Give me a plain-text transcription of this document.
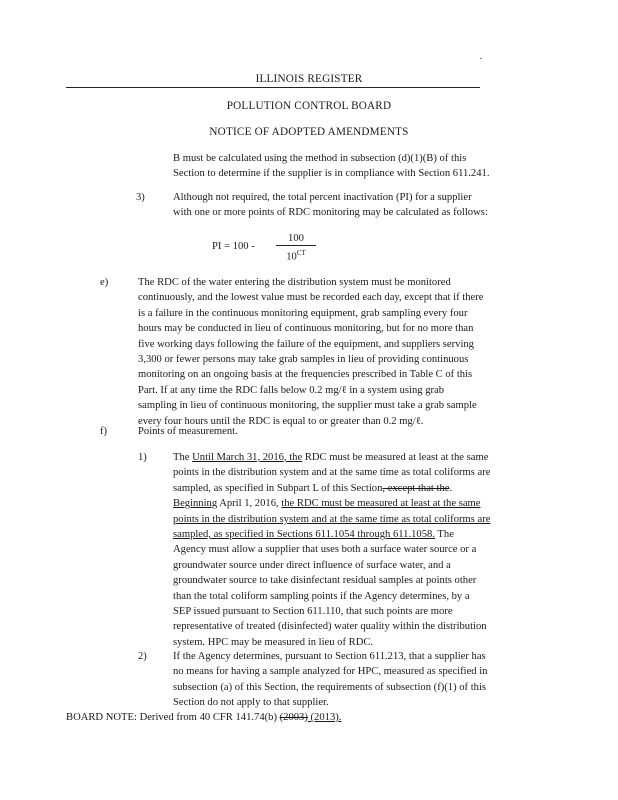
ILLINOIS REGISTER
POLLUTION CONTROL BOARD
NOTICE OF ADOPTED AMENDMENTS
B must be calculated using the method in subsection (d)(1)(B) of this
Section to determine if the supplier is in compliance with Section 611.241.
3)	Although not required, the total percent inactivation (PI) for a supplier
with one or more points of RDC monitoring may be calculated as follows:
PI = $100 - \frac{100}{10^{CT}}$
e)	The RDC of the water entering the distribution system must be monitored
continuously, and the lowest value must be recorded each day, except that if there
is a failure in the continuous monitoring equipment, grab sampling every four
hours may be conducted in lieu of continuous monitoring, but for no more than
five working days following the failure of the equipment, and suppliers serving
3,300 or fewer persons may take grab samples in lieu of providing continuous
monitoring on an ongoing basis at the frequencies prescribed in Table C of this
Part. If at any time the RDC falls below 0.2 mg/ℓ in a system using grab
sampling in lieu of continuous monitoring, the supplier must take a grab sample
every four hours until the RDC is equal to or greater than 0.2 mg/ℓ.
f)	Points of measurement.
1) The Until March 31, 2016, the RDC must be measured at least at the same
points in the distribution system and at the same time as total coliforms are
sampled, as specified in Subpart L of this Section, except that the.
Beginning April 1, 2016, the RDC must be measured at least at the same
points in the distribution system and at the same time as total coliforms are
sampled, as specified in Sections 611.1054 through 611.1058. The
Agency must allow a supplier that uses both a surface water source or a
groundwater source under direct influence of surface water, and a
groundwater source to take disinfectant residual samples at points other
than the total coliform sampling points if the Agency determines, by a
SEP issued pursuant to Section 611.110, that such points are more
representative of treated (disinfected) water quality within the distribution
system. HPC may be measured in lieu of RDC.
2) If the Agency determines, pursuant to Section 611.213, that a supplier has
no means for having a sample analyzed for HPC, measured as specified in
subsection (a) of this Section, the requirements of subsection (f)(1) of this
Section do not apply to that supplier.
BOARD NOTE: Derived from 40 CFR 141.74(b) (2003) (2013).
